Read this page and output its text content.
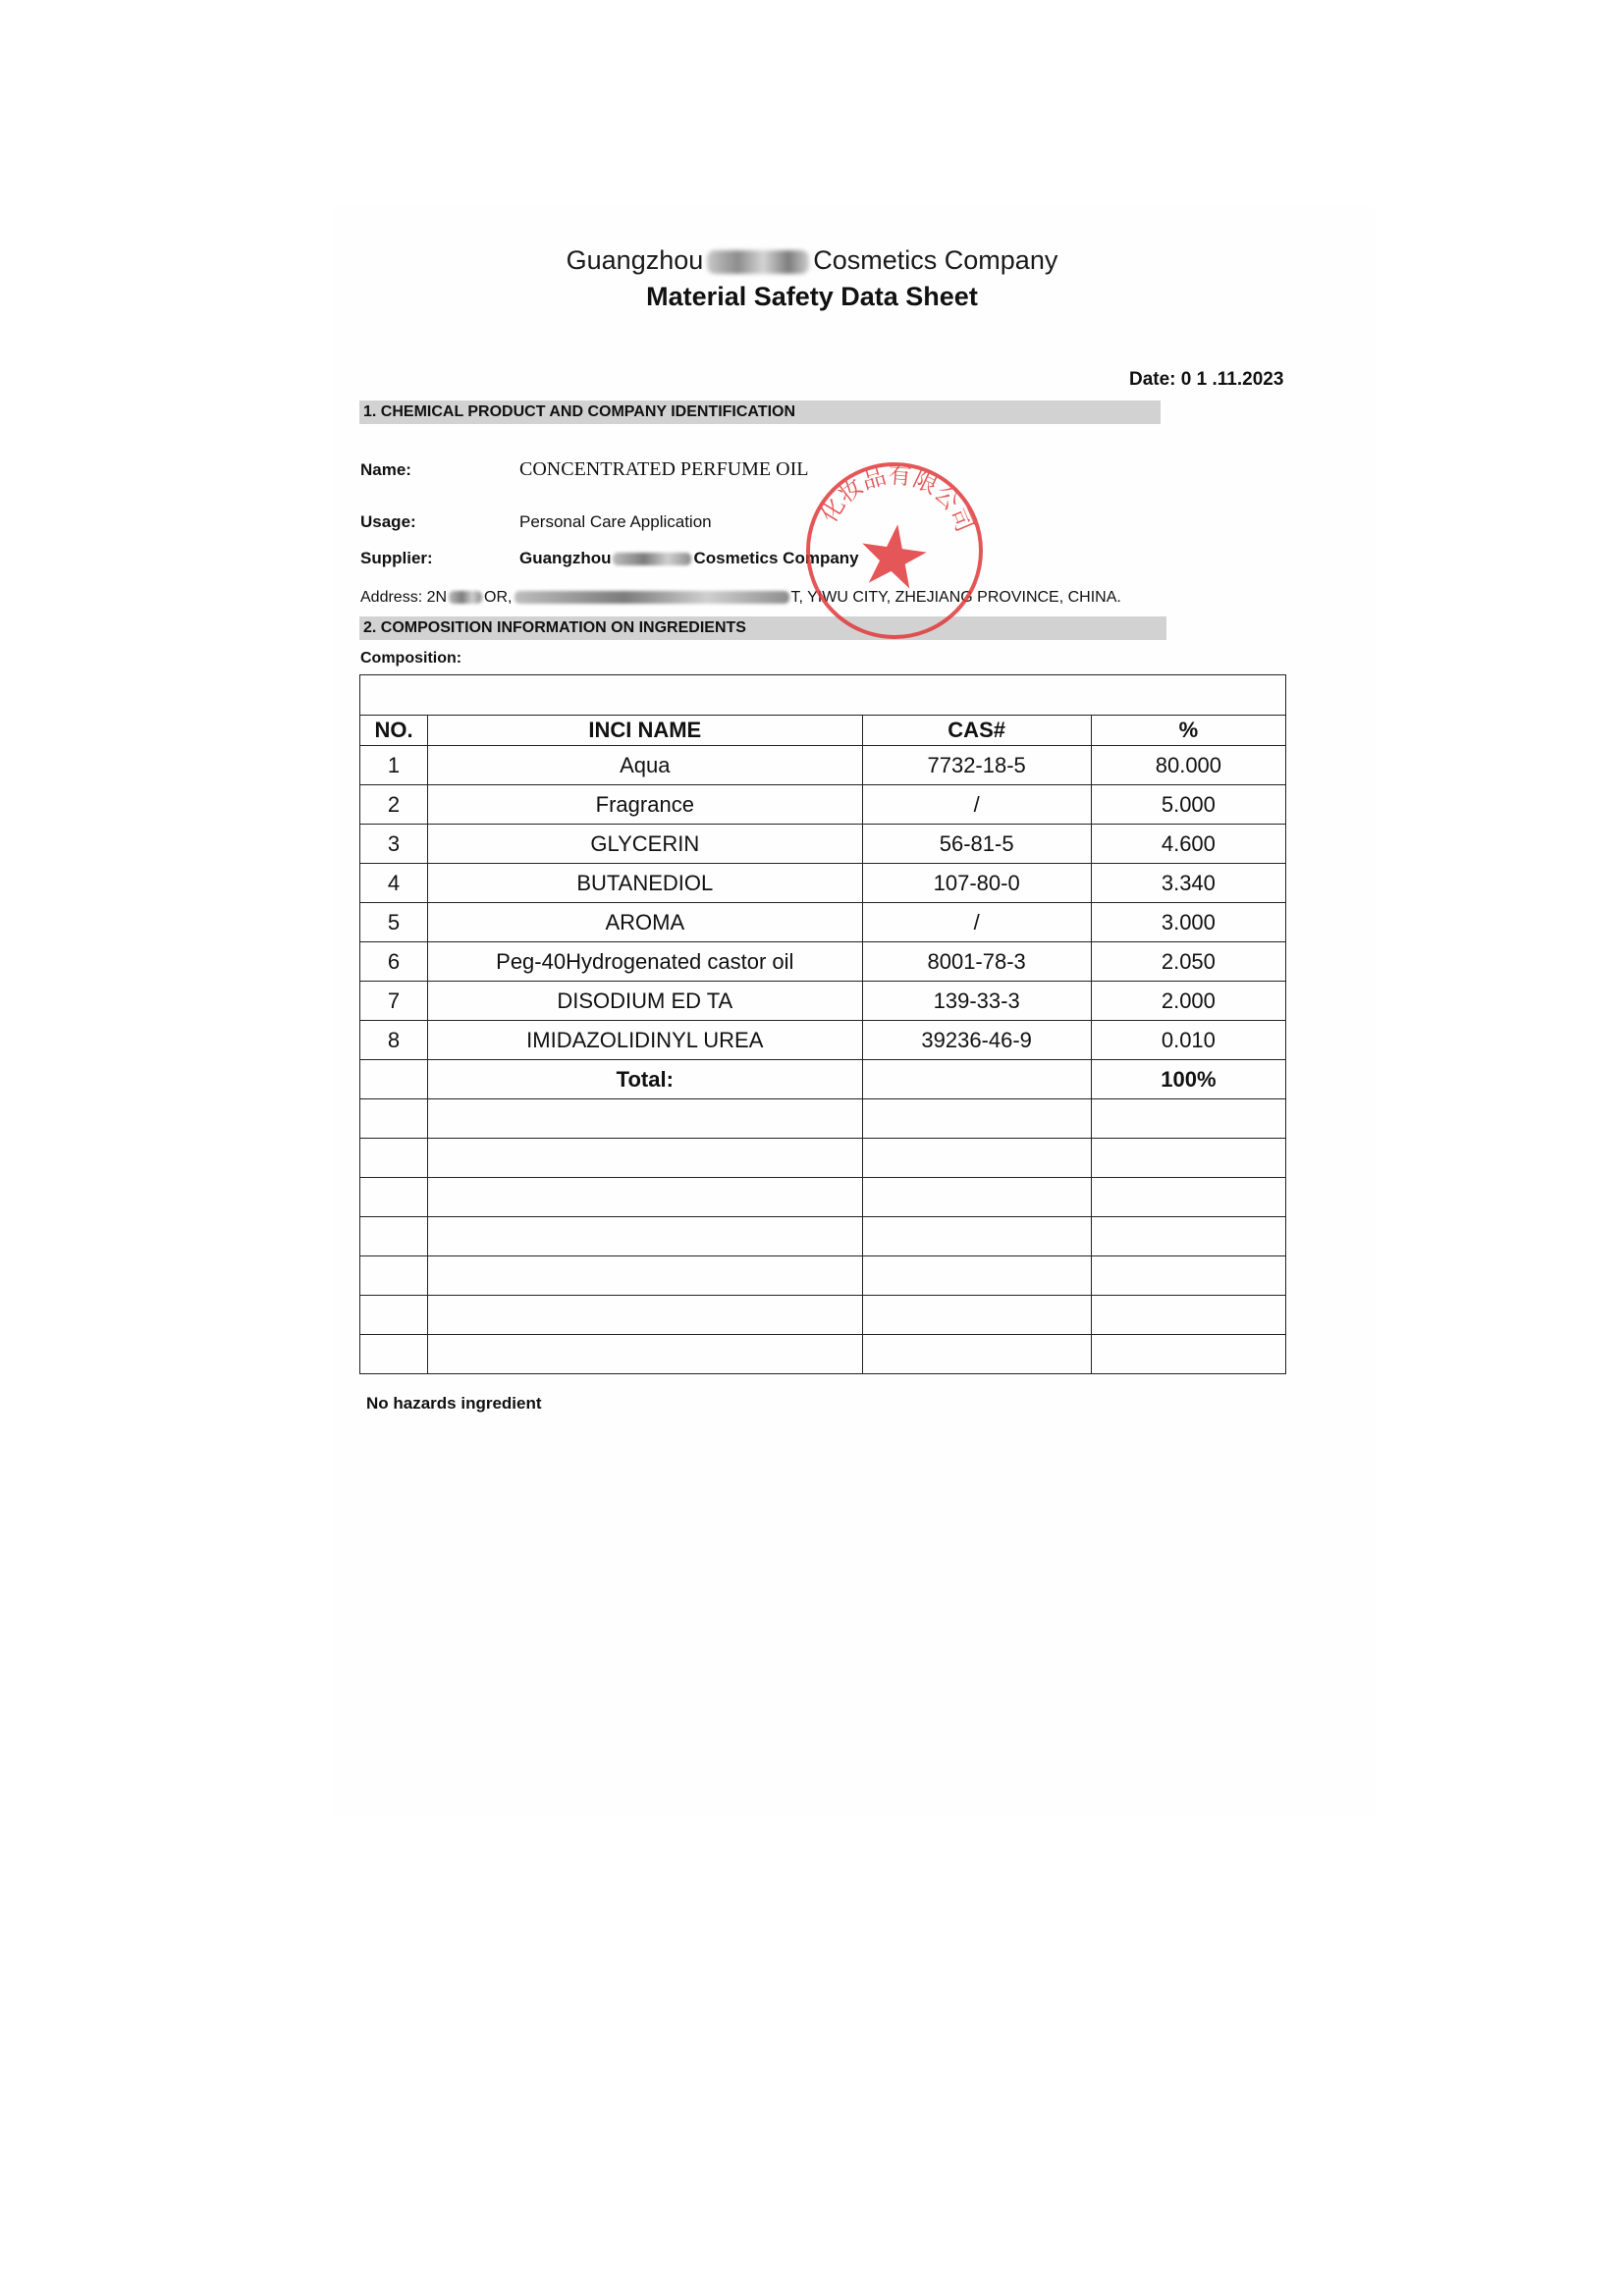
Guangzhou	Cosmetics Company
Material Safety Data Sheet
Date: 0 1 .11.2023
1. CHEMICAL PRODUCT AND COMPANY IDENTIFICATION
Name:	CONCENTRATED PERFUME OIL
Usage:	Personal Care Application
Supplier:	Guangzhou	Cosmetics Company
Address: 2N OR,	T, YIWU CITY, ZHEJIANG PROVINCE, CHINA.
2. COMPOSITION INFORMATION ON INGREDIENTS
Composition:

NO.	INCI NAME	CAS#	%
1	Aqua	7732-18-5	80.000
2	Fragrance	/	5.000
3	GLYCERIN	56-81-5	4.600
4	BUTANEDIOL	107-80-0	3.340
5	AROMA	/	3.000
6	Peg-40Hydrogenated castor oil	8001-78-3	2.050
7	DISODIUM ED TA	139-33-3	2.000
8	IMIDAZOLIDINYL UREA	39236-46-9	0.010
	Total:		100%

No hazards ingredient
化妆品有限公司
